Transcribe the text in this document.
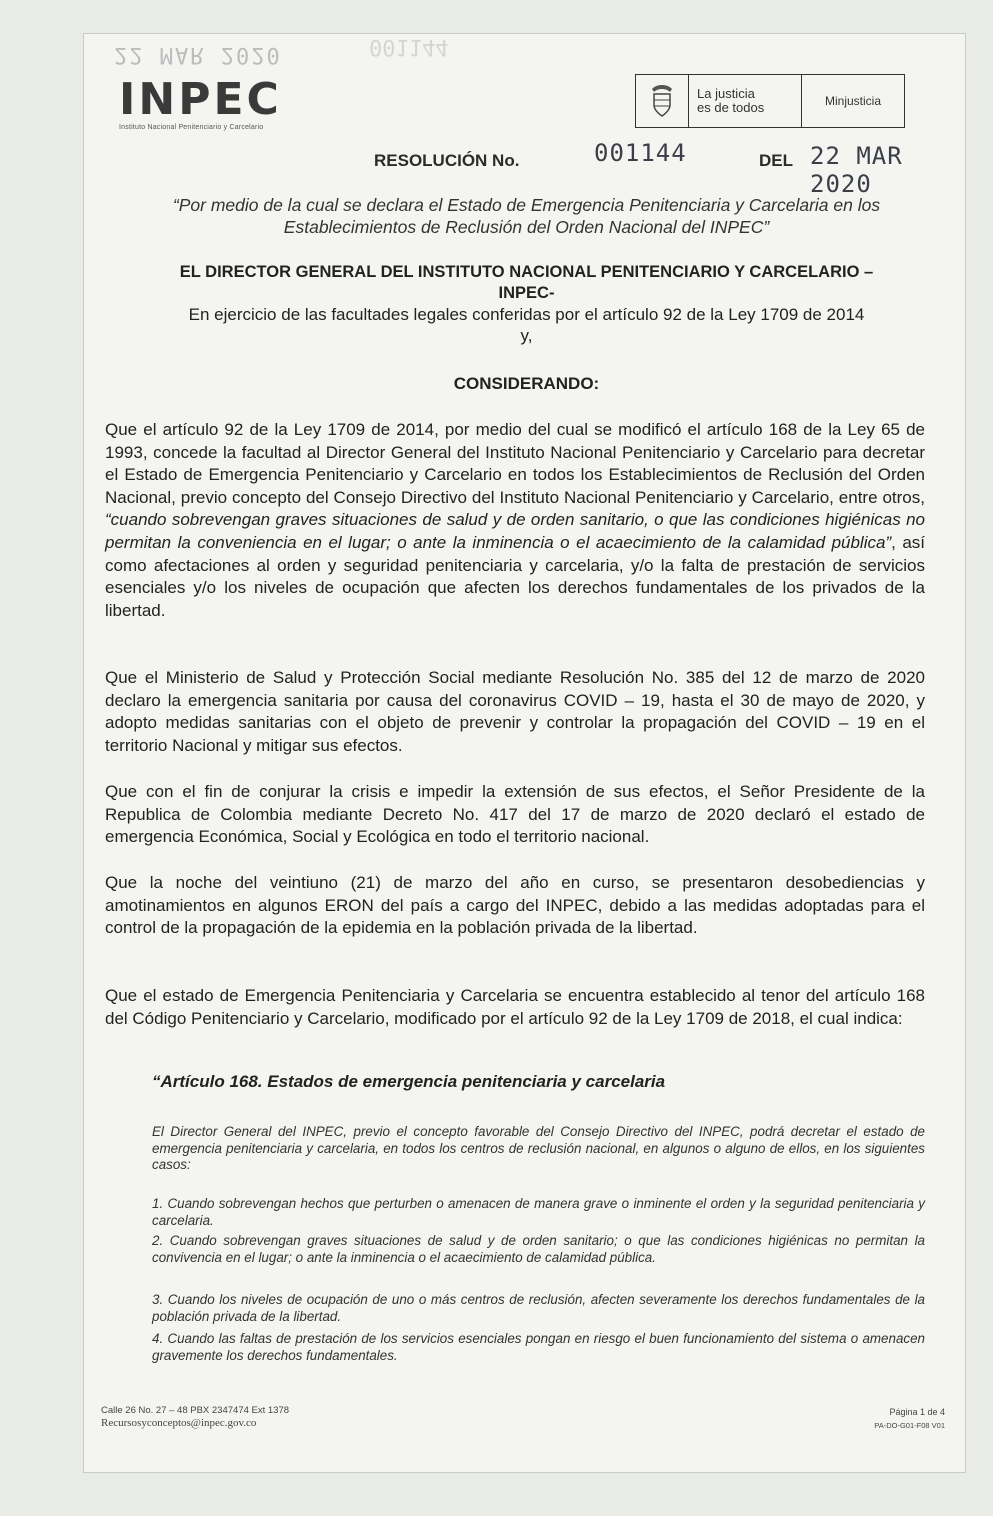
22 MAR 2020	001144
INPEC
Instituto Nacional Penitenciario y Carcelario
La justicia
es de todos	Minjusticia
RESOLUCIÓN No.	001144	DEL 22 MAR 2020
“Por medio de la cual se declara el Estado de Emergencia Penitenciaria y Carcelaria en los
Establecimientos de Reclusión del Orden Nacional del INPEC”
EL DIRECTOR GENERAL DEL INSTITUTO NACIONAL PENITENCIARIO Y CARCELARIO –
INPEC-
En ejercicio de las facultades legales conferidas por el artículo 92 de la Ley 1709 de 2014
y,
CONSIDERANDO:
Que el artículo 92 de la Ley 1709 de 2014, por medio del cual se modificó el artículo 168 de la Ley 65 de 1993, concede la facultad al Director General del Instituto Nacional Penitenciario y Carcelario para decretar el Estado de Emergencia Penitenciario y Carcelario en todos los Establecimientos de Reclusión del Orden Nacional, previo concepto del Consejo Directivo del Instituto Nacional Penitenciario y Carcelario, entre otros, “cuando sobrevengan graves situaciones de salud y de orden sanitario, o que las condiciones higiénicas no permitan la conveniencia en el lugar; o ante la inminencia o el acaecimiento de la calamidad pública”, así como afectaciones al orden y seguridad penitenciaria y carcelaria, y/o la falta de prestación de servicios esenciales y/o los niveles de ocupación que afecten los derechos fundamentales de los privados de la libertad.
Que el Ministerio de Salud y Protección Social mediante Resolución No. 385 del 12 de marzo de 2020 declaro la emergencia sanitaria por causa del coronavirus COVID – 19, hasta el 30 de mayo de 2020, y adopto medidas sanitarias con el objeto de prevenir y controlar la propagación del COVID – 19 en el territorio Nacional y mitigar sus efectos.
Que con el fin de conjurar la crisis e impedir la extensión de sus efectos, el Señor Presidente de la Republica de Colombia mediante Decreto No. 417 del 17 de marzo de 2020 declaró el estado de emergencia Económica, Social y Ecológica en todo el territorio nacional.
Que la noche del veintiuno (21) de marzo del año en curso, se presentaron desobediencias y amotinamientos en algunos ERON del país a cargo del INPEC, debido a las medidas adoptadas para el control de la propagación de la epidemia en la población privada de la libertad.
Que el estado de Emergencia Penitenciaria y Carcelaria se encuentra establecido al tenor del artículo 168 del Código Penitenciario y Carcelario, modificado por el artículo 92 de la Ley 1709 de 2018, el cual indica:
“Artículo 168. Estados de emergencia penitenciaria y carcelaria
El Director General del INPEC, previo el concepto favorable del Consejo Directivo del INPEC, podrá decretar el estado de emergencia penitenciaria y carcelaria, en todos los centros de reclusión nacional, en algunos o alguno de ellos, en los siguientes casos:
1. Cuando sobrevengan hechos que perturben o amenacen de manera grave o inminente el orden y la seguridad penitenciaria y carcelaria.
2. Cuando sobrevengan graves situaciones de salud y de orden sanitario; o que las condiciones higiénicas no permitan la convivencia en el lugar; o ante la inminencia o el acaecimiento de calamidad pública.
3. Cuando los niveles de ocupación de uno o más centros de reclusión, afecten severamente los derechos fundamentales de la población privada de la libertad.
4. Cuando las faltas de prestación de los servicios esenciales pongan en riesgo el buen funcionamiento del sistema o amenacen gravemente los derechos fundamentales.
Calle 26 No. 27 – 48 PBX 2347474 Ext 1378
Recursosyconceptos@inpec.gov.co
Página 1 de 4
PA-DO-G01-F08 V01
